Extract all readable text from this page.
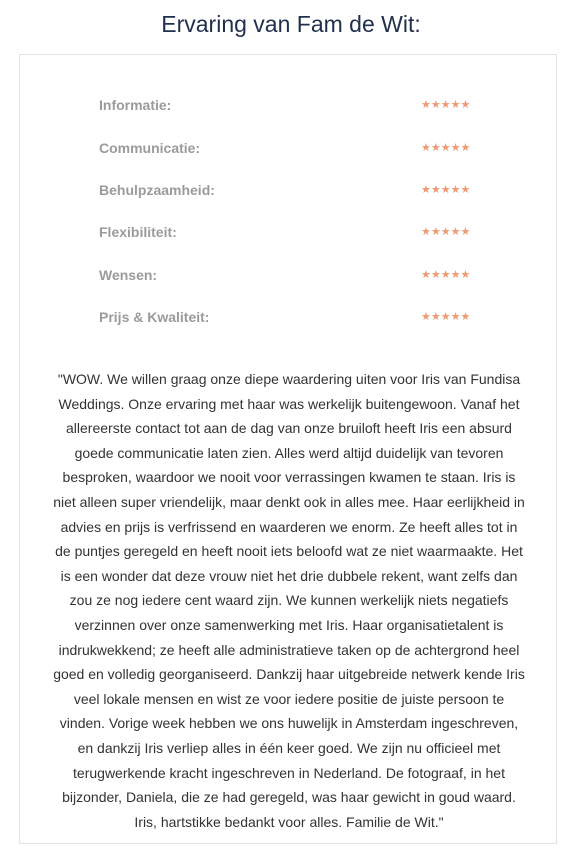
Ervaring van Fam de Wit:
Informatie:	★★★★★
Communicatie:	★★★★★
Behulpzaamheid:	★★★★★
Flexibiliteit:	★★★★★
Wensen:	★★★★★
Prijs & Kwaliteit:	★★★★★

"WOW. We willen graag onze diepe waardering uiten voor Iris van Fundisa Weddings. Onze ervaring met haar was werkelijk buitengewoon. Vanaf het allereerste contact tot aan de dag van onze bruiloft heeft Iris een absurd goede communicatie laten zien. Alles werd altijd duidelijk van tevoren besproken, waardoor we nooit voor verrassingen kwamen te staan. Iris is niet alleen super vriendelijk, maar denkt ook in alles mee. Haar eerlijkheid in advies en prijs is verfrissend en waarderen we enorm. Ze heeft alles tot in de puntjes geregeld en heeft nooit iets beloofd wat ze niet waarmaakte. Het is een wonder dat deze vrouw niet het drie dubbele rekent, want zelfs dan zou ze nog iedere cent waard zijn. We kunnen werkelijk niets negatiefs verzinnen over onze samenwerking met Iris. Haar organisatietalent is indrukwekkend; ze heeft alle administratieve taken op de achtergrond heel goed en volledig georganiseerd. Dankzij haar uitgebreide netwerk kende Iris veel lokale mensen en wist ze voor iedere positie de juiste persoon te vinden. Vorige week hebben we ons huwelijk in Amsterdam ingeschreven, en dankzij Iris verliep alles in één keer goed. We zijn nu officieel met terugwerkende kracht ingeschreven in Nederland. De fotograaf, in het bijzonder, Daniela, die ze had geregeld, was haar gewicht in goud waard. Iris, hartstikke bedankt voor alles. Familie de Wit."
